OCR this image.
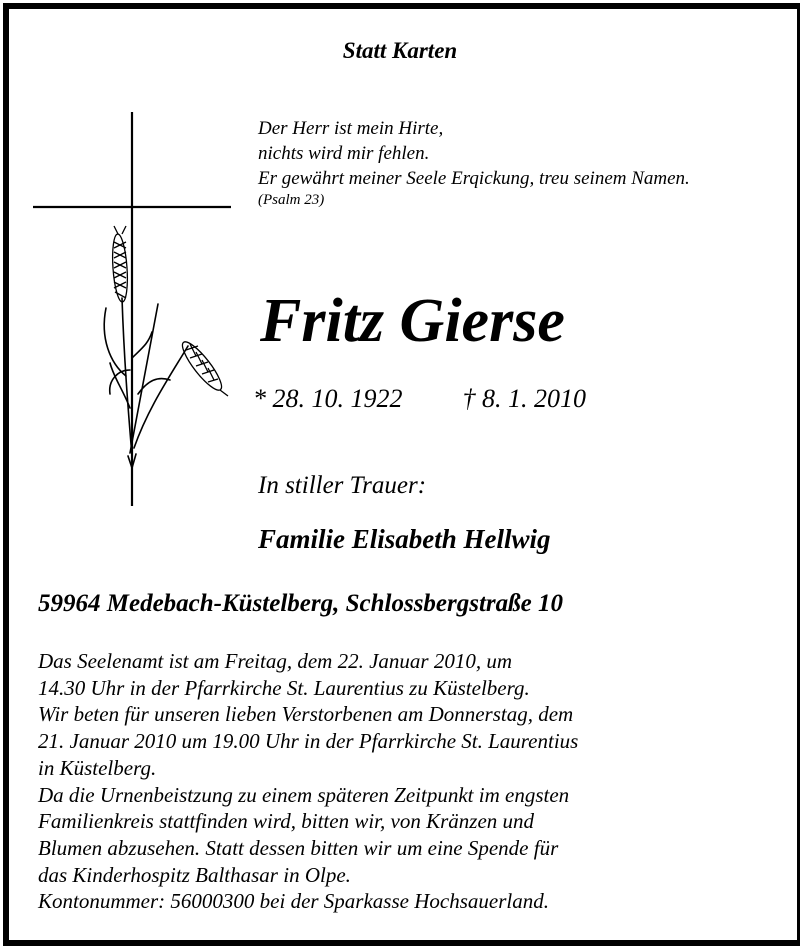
Statt Karten
Der Herr ist mein Hirte,
nichts wird mir fehlen.
Er gewährt meiner Seele Erqickung, treu seinem Namen.
(Psalm 23)
Fritz Gierse
* 28. 10. 1922 † 8. 1. 2010
In stiller Trauer:
Familie Elisabeth Hellwig
59964 Medebach-Küstelberg, Schlossbergstraße 10
Das Seelenamt ist am Freitag, dem 22. Januar 2010, um
14.30 Uhr in der Pfarrkirche St. Laurentius zu Küstelberg.
Wir beten für unseren lieben Verstorbenen am Donnerstag, dem
21. Januar 2010 um 19.00 Uhr in der Pfarrkirche St. Laurentius
in Küstelberg.
Da die Urnenbeistzung zu einem späteren Zeitpunkt im engsten
Familienkreis stattfinden wird, bitten wir, von Kränzen und
Blumen abzusehen. Statt dessen bitten wir um eine Spende für
das Kinderhospitz Balthasar in Olpe.
Kontonummer: 56000300 bei der Sparkasse Hochsauerland.
